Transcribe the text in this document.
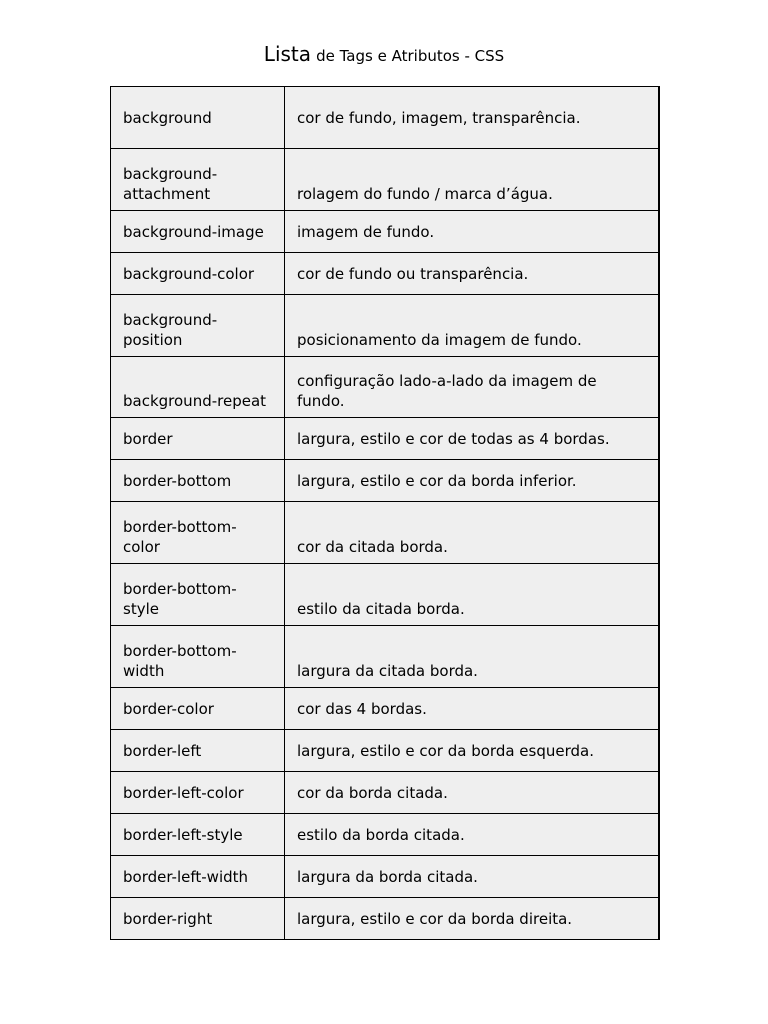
Lista de Tags e Atributos - CSS
background	cor de fundo, imagem, transparência.
background-attachment	rolagem do fundo / marca d’água.
background-image	imagem de fundo.
background-color	cor de fundo ou transparência.
background-position	posicionamento da imagem de fundo.
background-repeat	configuração lado-a-lado da imagem de fundo.
border	largura, estilo e cor de todas as 4 bordas.
border-bottom	largura, estilo e cor da borda inferior.
border-bottom-color	cor da citada borda.
border-bottom-style	estilo da citada borda.
border-bottom-width	largura da citada borda.
border-color	cor das 4 bordas.
border-left	largura, estilo e cor da borda esquerda.
border-left-color	cor da borda citada.
border-left-style	estilo da borda citada.
border-left-width	largura da borda citada.
border-right	largura, estilo e cor da borda direita.
